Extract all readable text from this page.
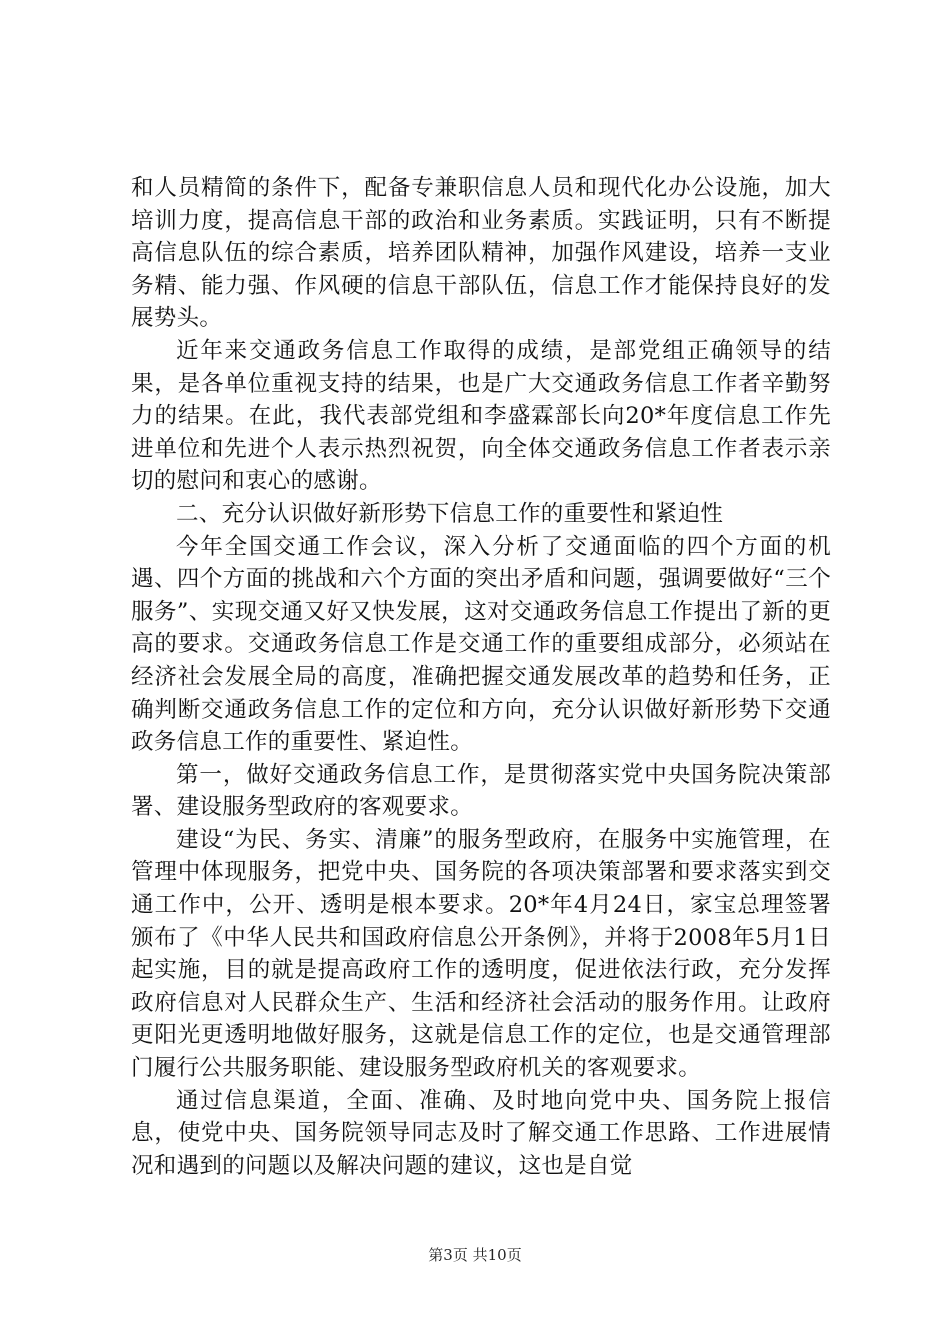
和人员精简的条件下，配备专兼职信息人员和现代化办公设施，加大培训力度，提高信息干部的政治和业务素质。实践证明，只有不断提高信息队伍的综合素质，培养团队精神，加强作风建设，培养一支业务精、能力强、作风硬的信息干部队伍，信息工作才能保持良好的发展势头。

近年来交通政务信息工作取得的成绩，是部党组正确领导的结果，是各单位重视支持的结果，也是广大交通政务信息工作者辛勤努力的结果。在此，我代表部党组和李盛霖部长向20*年度信息工作先进单位和先进个人表示热烈祝贺，向全体交通政务信息工作者表示亲切的慰问和衷心的感谢。

二、充分认识做好新形势下信息工作的重要性和紧迫性

今年全国交通工作会议，深入分析了交通面临的四个方面的机遇、四个方面的挑战和六个方面的突出矛盾和问题，强调要做好“三个服务”、实现交通又好又快发展，这对交通政务信息工作提出了新的更高的要求。交通政务信息工作是交通工作的重要组成部分，必须站在经济社会发展全局的高度，准确把握交通发展改革的趋势和任务，正确判断交通政务信息工作的定位和方向，充分认识做好新形势下交通政务信息工作的重要性、紧迫性。

第一，做好交通政务信息工作，是贯彻落实党中央国务院决策部署、建设服务型政府的客观要求。

建设“为民、务实、清廉”的服务型政府，在服务中实施管理，在管理中体现服务，把党中央、国务院的各项决策部署和要求落实到交通工作中，公开、透明是根本要求。20*年4月24日，家宝总理签署颁布了《中华人民共和国政府信息公开条例》，并将于2008年5月1日起实施，目的就是提高政府工作的透明度，促进依法行政，充分发挥政府信息对人民群众生产、生活和经济社会活动的服务作用。让政府更阳光更透明地做好服务，这就是信息工作的定位，也是交通管理部门履行公共服务职能、建设服务型政府机关的客观要求。

通过信息渠道，全面、准确、及时地向党中央、国务院上报信息，使党中央、国务院领导同志及时了解交通工作思路、工作进展情况和遇到的问题以及解决问题的建议，这也是自觉

第3页 共10页
